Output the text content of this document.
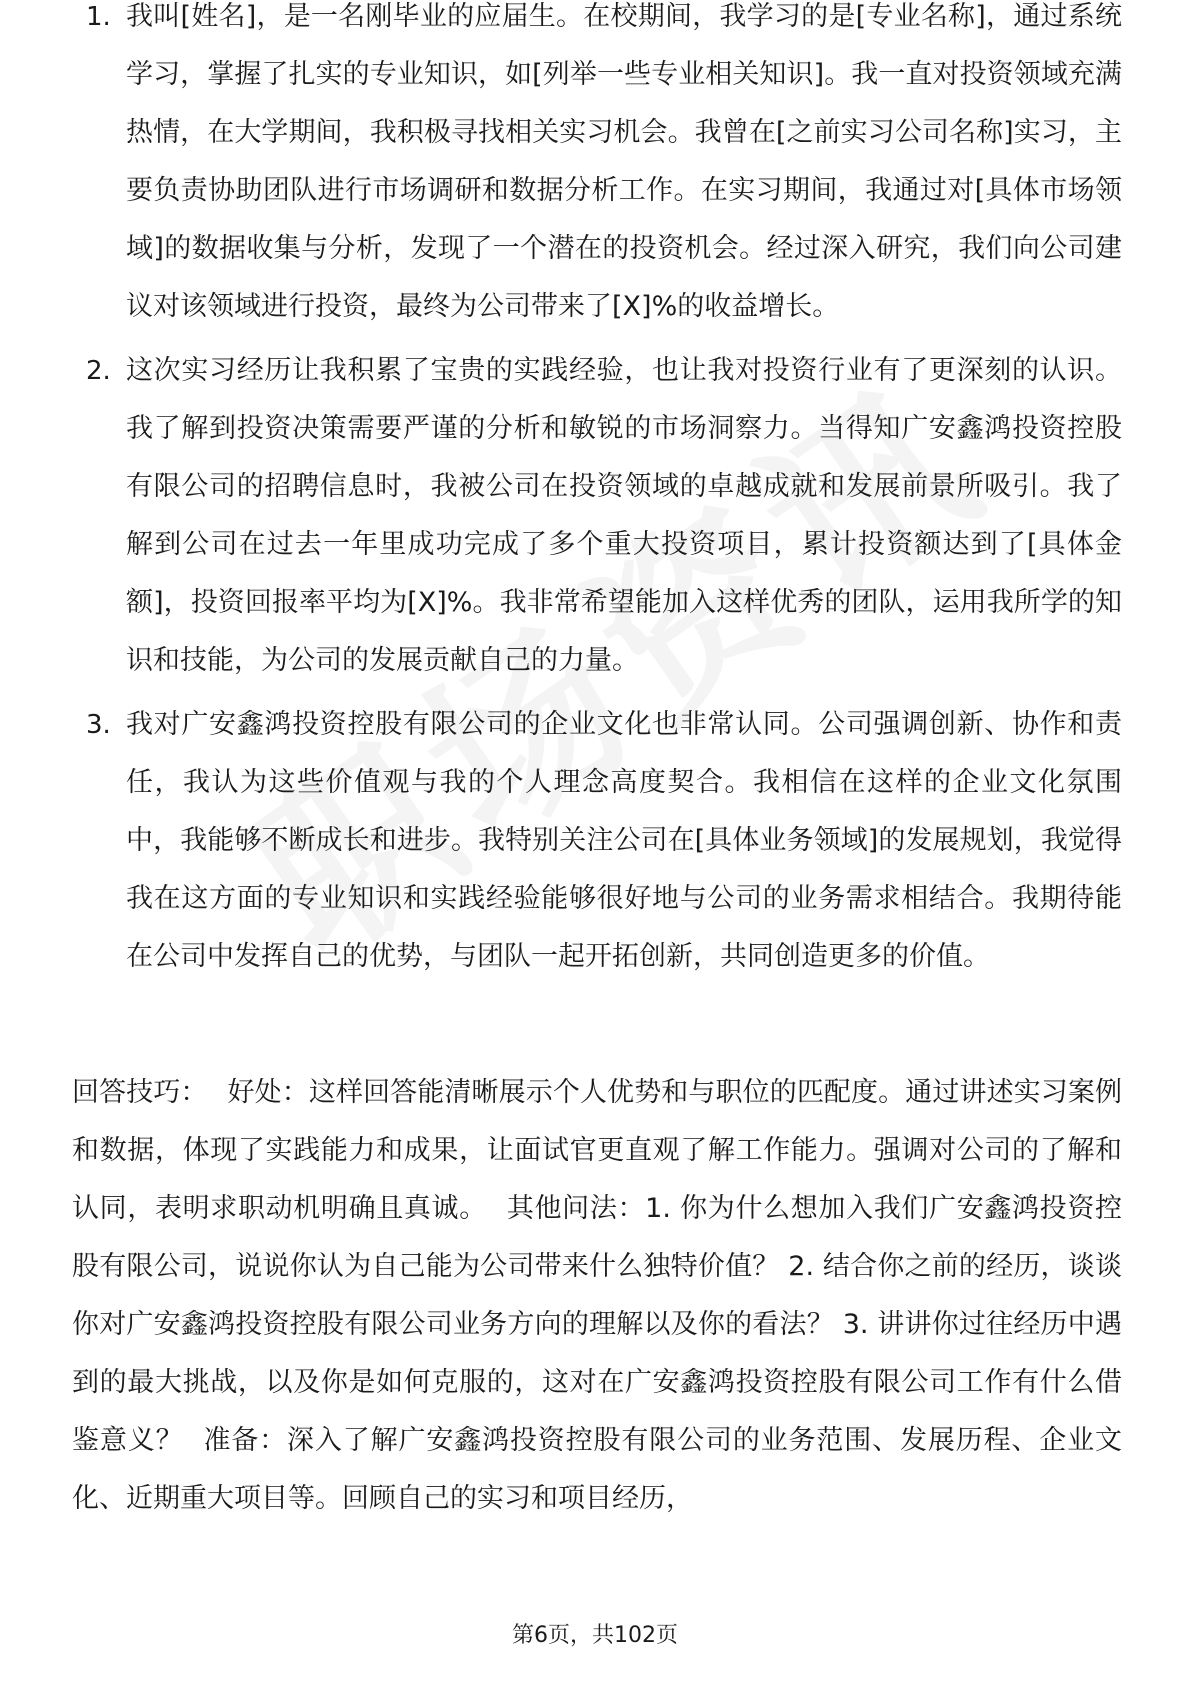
1. 我叫[姓名]，是一名刚毕业的应届生。在校期间，我学习的是[专业名称]，通过系统学习，掌握了扎实的专业知识，如[列举一些专业相关知识]。我一直对投资领域充满热情，在大学期间，我积极寻找相关实习机会。我曾在[之前实习公司名称]实习，主要负责协助团队进行市场调研和数据分析工作。在实习期间，我通过对[具体市场领域]的数据收集与分析，发现了一个潜在的投资机会。经过深入研究，我们向公司建议对该领域进行投资，最终为公司带来了[X]%的收益增长。
2. 这次实习经历让我积累了宝贵的实践经验，也让我对投资行业有了更深刻的认识。我了解到投资决策需要严谨的分析和敏锐的市场洞察力。当得知广安鑫鸿投资控股有限公司的招聘信息时，我被公司在投资领域的卓越成就和发展前景所吸引。我了解到公司在过去一年里成功完成了多个重大投资项目，累计投资额达到了[具体金额]，投资回报率平均为[X]%。我非常希望能加入这样优秀的团队，运用我所学的知识和技能，为公司的发展贡献自己的力量。
3. 我对广安鑫鸿投资控股有限公司的企业文化也非常认同。公司强调创新、协作和责任，我认为这些价值观与我的个人理念高度契合。我相信在这样的企业文化氛围中，我能够不断成长和进步。我特别关注公司在[具体业务领域]的发展规划，我觉得我在这方面的专业知识和实践经验能够很好地与公司的业务需求相结合。我期待能在公司中发挥自己的优势，与团队一起开拓创新，共同创造更多的价值。
回答技巧： 好处：这样回答能清晰展示个人优势和与职位的匹配度。通过讲述实习案例和数据，体现了实践能力和成果，让面试官更直观了解工作能力。强调对公司的了解和认同，表明求职动机明确且真诚。 其他问法：1. 你为什么想加入我们广安鑫鸿投资控股有限公司，说说你认为自己能为公司带来什么独特价值？ 2. 结合你之前的经历，谈谈你对广安鑫鸿投资控股有限公司业务方向的理解以及你的看法？ 3. 讲讲你过往经历中遇到的最大挑战，以及你是如何克服的，这对在广安鑫鸿投资控股有限公司工作有什么借鉴意义？ 准备：深入了解广安鑫鸿投资控股有限公司的业务范围、发展历程、企业文化、近期重大项目等。回顾自己的实习和项目经历，
第6页，共102页
